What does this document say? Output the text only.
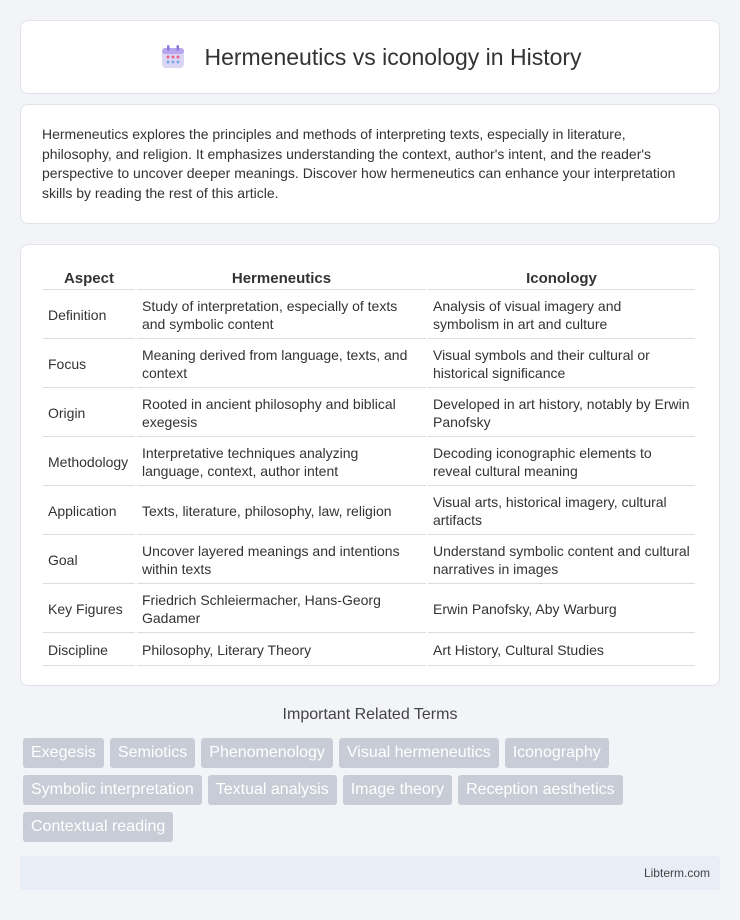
Hermeneutics vs iconology in History

Hermeneutics explores the principles and methods of interpreting texts, especially in literature, philosophy, and religion. It emphasizes understanding the context, author's intent, and the reader's perspective to uncover deeper meanings. Discover how hermeneutics can enhance your interpretation skills by reading the rest of this article.

Aspect	Hermeneutics	Iconology
Definition	Study of interpretation, especially of texts and symbolic content	Analysis of visual imagery and symbolism in art and culture
Focus	Meaning derived from language, texts, and context	Visual symbols and their cultural or historical significance
Origin	Rooted in ancient philosophy and biblical exegesis	Developed in art history, notably by Erwin Panofsky
Methodology	Interpretative techniques analyzing language, context, author intent	Decoding iconographic elements to reveal cultural meaning
Application	Texts, literature, philosophy, law, religion	Visual arts, historical imagery, cultural artifacts
Goal	Uncover layered meanings and intentions within texts	Understand symbolic content and cultural narratives in images
Key Figures	Friedrich Schleiermacher, Hans-Georg Gadamer	Erwin Panofsky, Aby Warburg
Discipline	Philosophy, Literary Theory	Art History, Cultural Studies
Important Related Terms
Exegesis	Semiotics	Phenomenology	Visual hermeneutics	Iconography
Symbolic interpretation	Textual analysis	Image theory	Reception aesthetics
Contextual reading
Libterm.com
